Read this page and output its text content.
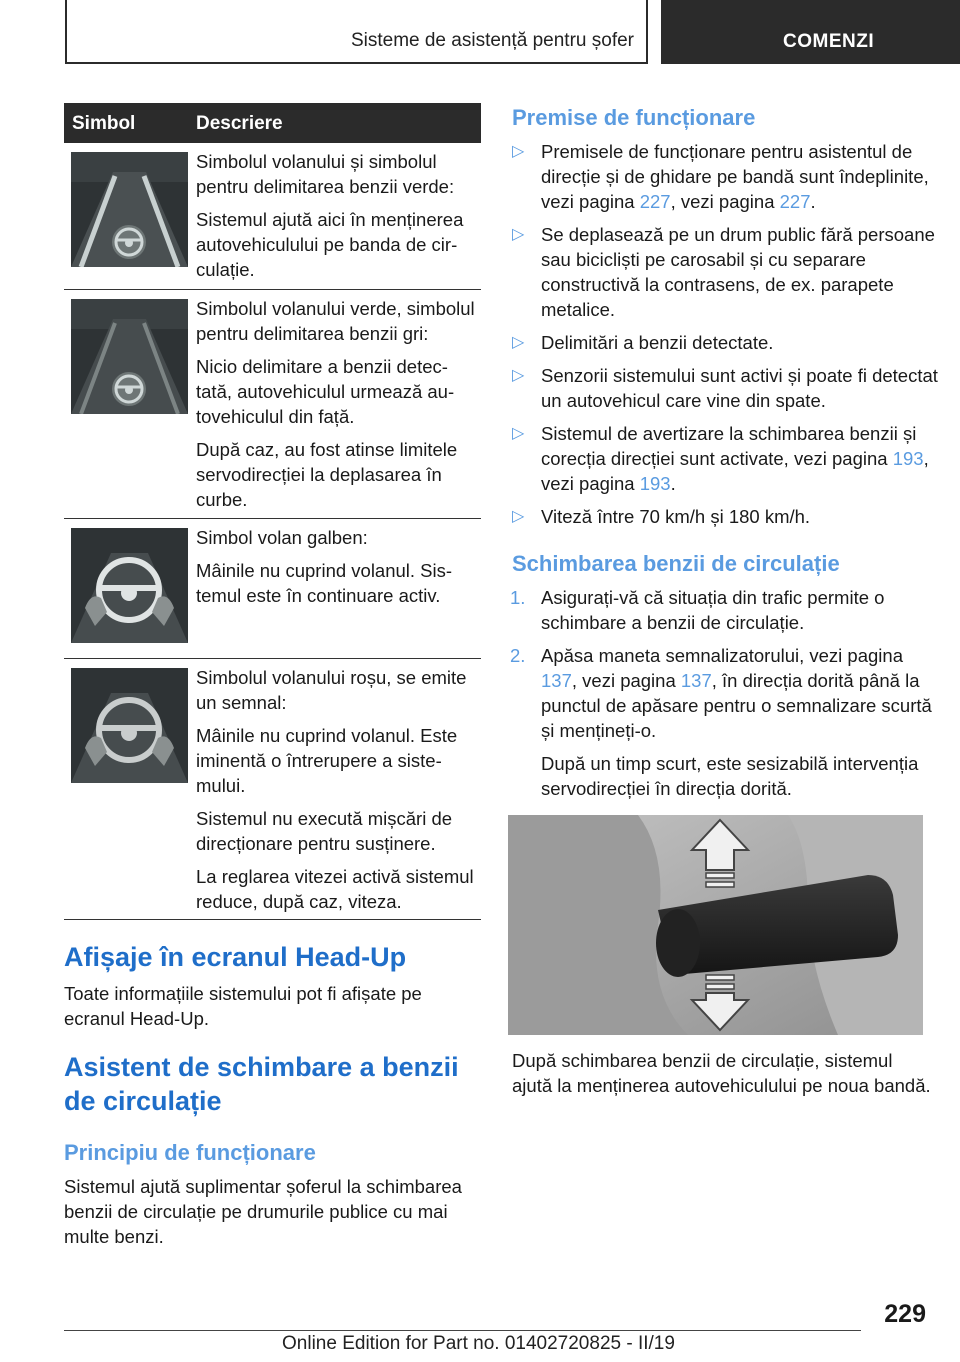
Sisteme de asistență pentru șofer	COMENZI
Simbol	Descriere

Simbolul volanului și simbolul pentru delimitarea benzii verde:

Sistemul ajută aici în menținerea autovehiculului pe banda de circulație.

Simbolul volanului verde, simbolul pentru delimitarea benzii gri:

Nicio delimitare a benzii detectată, autovehiculul urmează autovehiculul din față.

După caz, au fost atinse limitele servodirecției la deplasarea în curbe.

Simbol volan galben:

Mâinile nu cuprind volanul. Sistemul este în continuare activ.

Simbolul volanului roșu, se emite un semnal:

Mâinile nu cuprind volanul. Este iminentă o întrerupere a sistemului.

Sistemul nu execută mișcări de direcționare pentru susținere.

La reglarea vitezei activă sistemul reduce, după caz, viteza.

Afișaje în ecranul Head-Up

Toate informațiile sistemului pot fi afișate pe ecranul Head-Up.

Asistent de schimbare a benzii de circulație
Principiu de funcționare

Sistemul ajută suplimentar șoferul la schimbarea benzii de circulație pe drumurile publice cu mai multe benzi.

Premise de funcționare
▷ Premisele de funcționare pentru asistentul de direcție și de ghidare pe bandă sunt îndeplinite, vezi pagina 227, vezi pagina 227.
▷ Se deplasează pe un drum public fără persoane sau bicicliști pe carosabil și cu separare constructivă la contrasens, de ex. parapete metalice.
▷ Delimitări a benzii detectate.
▷ Senzorii sistemului sunt activi și poate fi detectat un autovehicul care vine din spate.
▷ Sistemul de avertizare la schimbarea benzii și corecția direcției sunt activate, vezi pagina 193, vezi pagina 193.
▷ Viteză între 70 km/h și 180 km/h.
Schimbarea benzii de circulație
1. Asigurați-vă că situația din trafic permite o schimbare a benzii de circulație.
2. Apăsa maneta semnalizatorului, vezi pagina 137, vezi pagina 137, în direcția dorită până la punctul de apăsare pentru o semnalizare scurtă și mențineți-o.
După un timp scurt, este sesizabilă intervenția servodirecției în direcția dorită.

După schimbarea benzii de circulație, sistemul ajută la menținerea autovehiculului pe noua bandă.

229
Online Edition for Part no. 01402720825 - II/19
